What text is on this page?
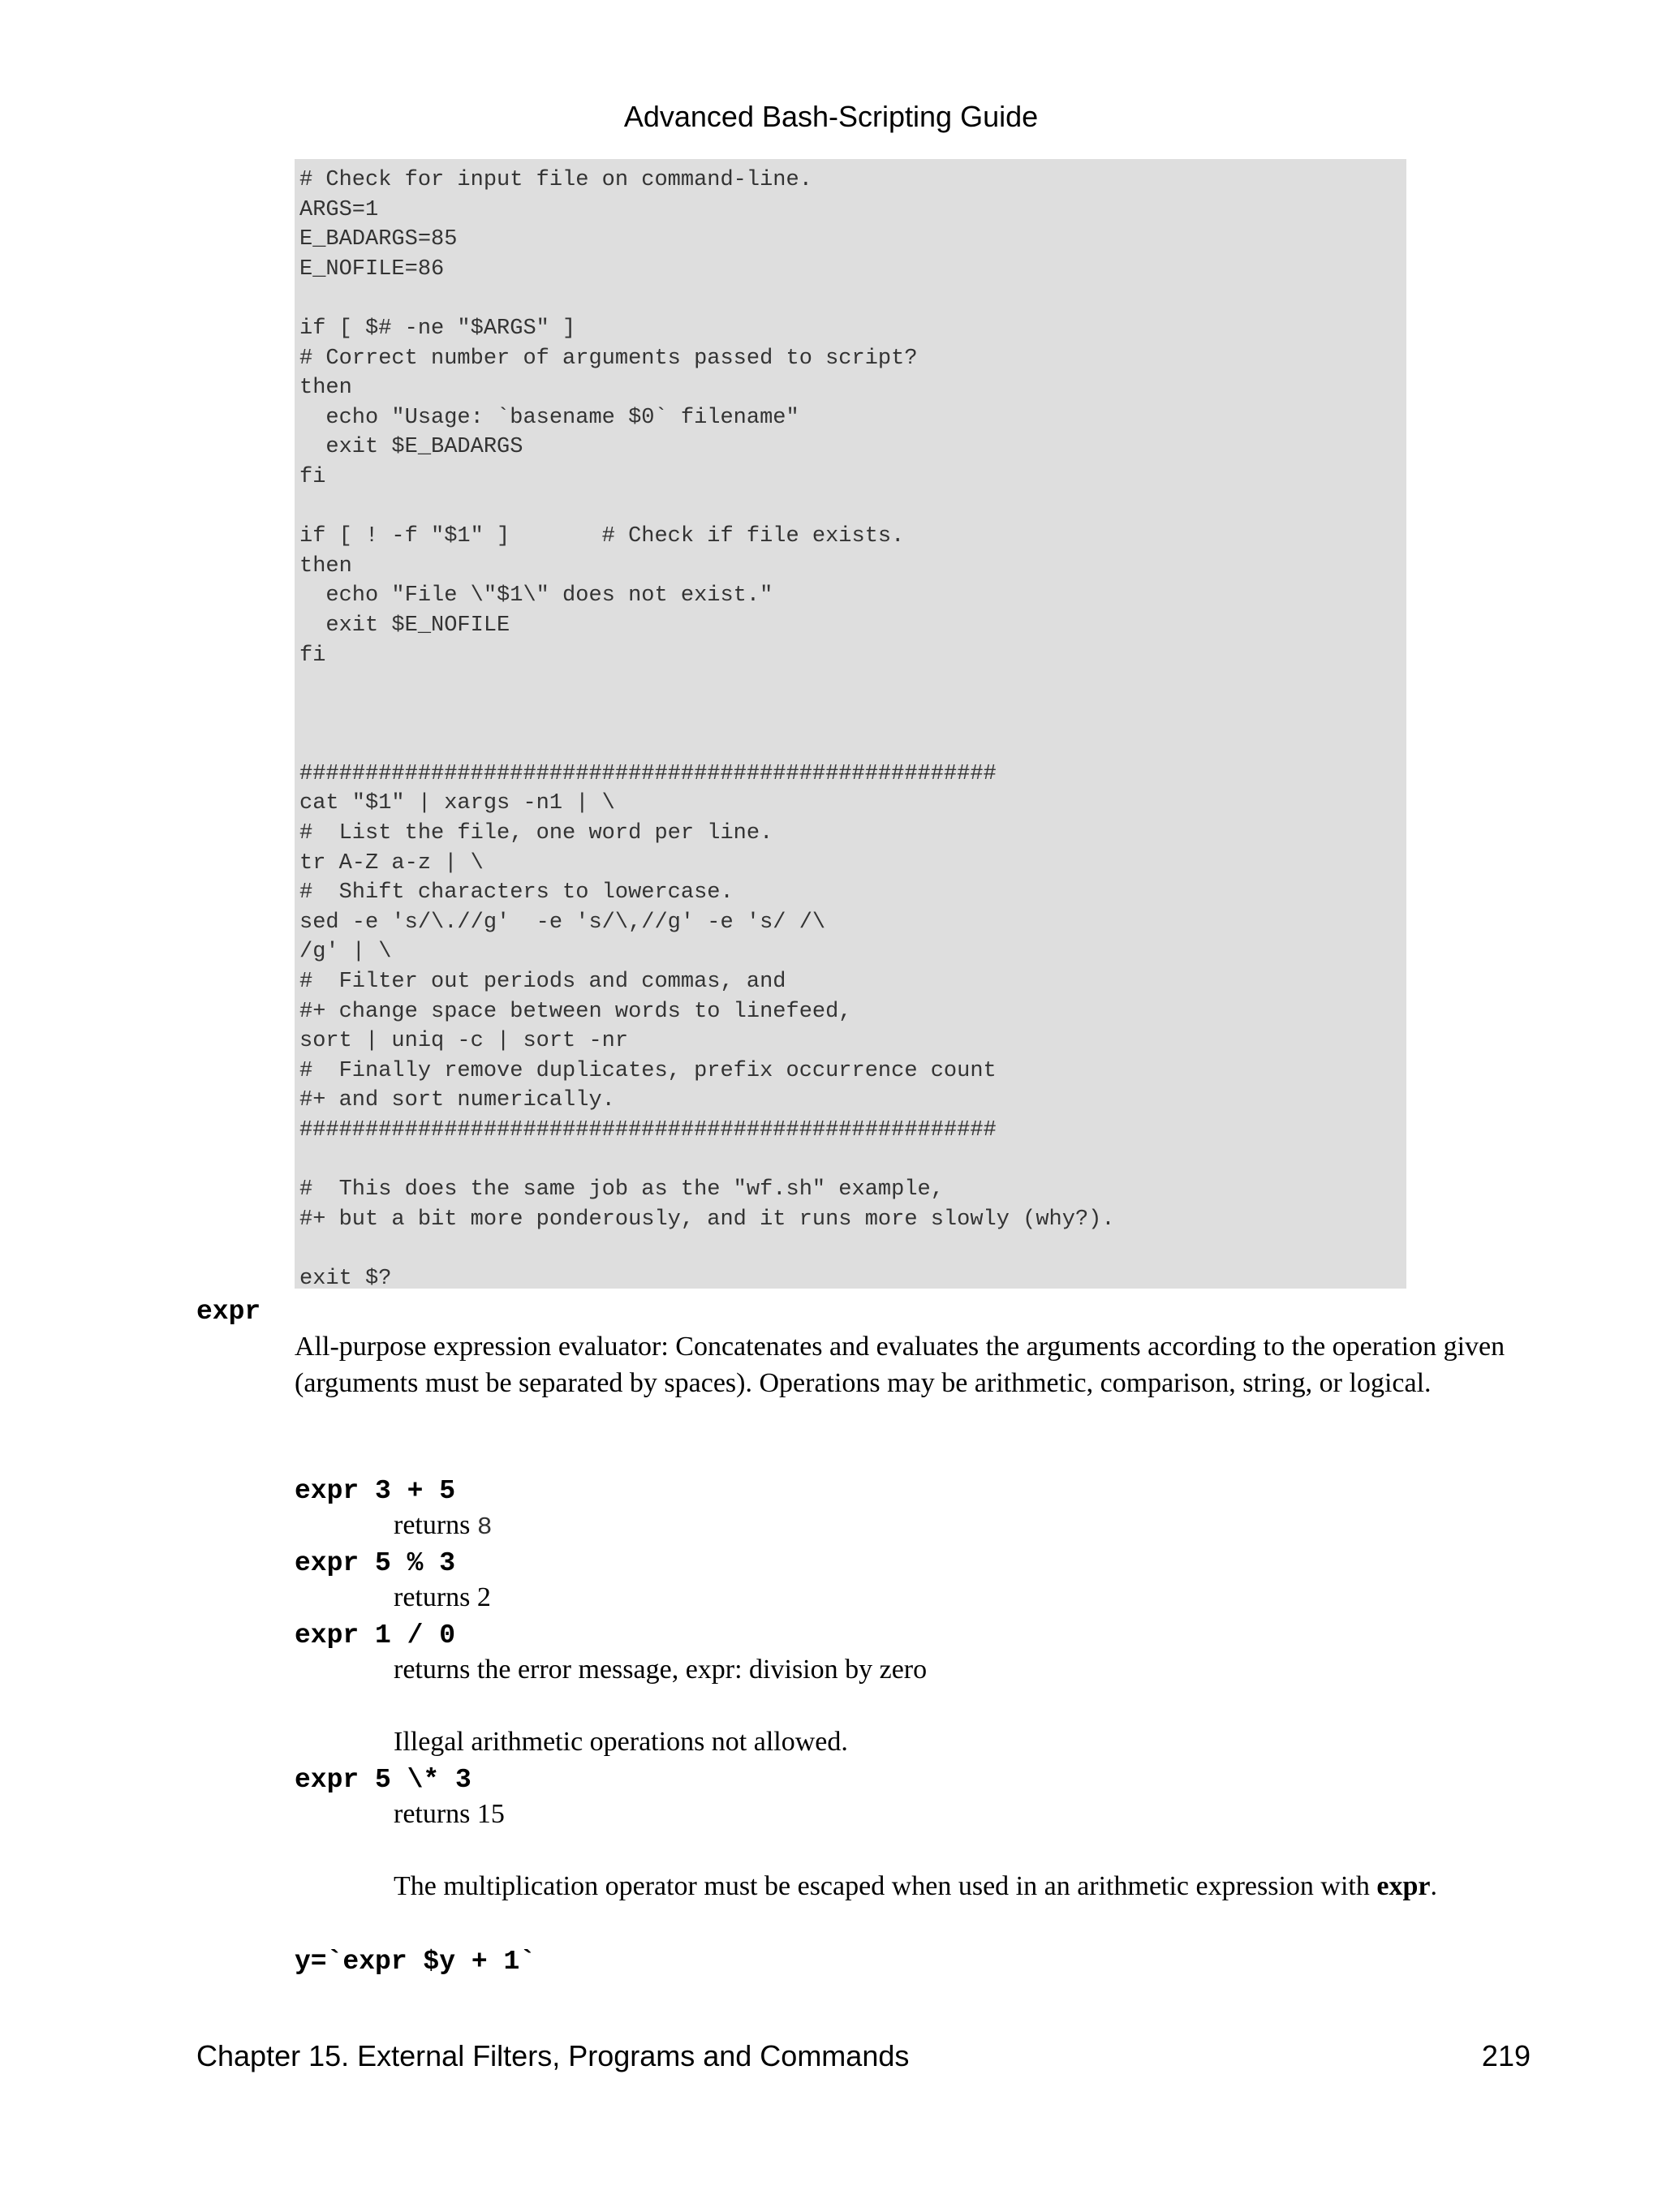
Advanced Bash-Scripting Guide
# Check for input file on command-line.
ARGS=1
E_BADARGS=85
E_NOFILE=86

if [ $# -ne "$ARGS" ]
# Correct number of arguments passed to script?
then
echo "Usage: `basename $0` filename"
exit $E_BADARGS
fi

if [ ! -f "$1" ]       # Check if file exists.
then
echo "File \"$1\" does not exist."
exit $E_NOFILE
fi

#####################################################
cat "$1" | xargs -n1 | \
#  List the file, one word per line.
tr A-Z a-z | \
#  Shift characters to lowercase.
sed -e 's/\.//g'  -e 's/\,//g' -e 's/ /\
/g' | \
#  Filter out periods and commas, and
#+ change space between words to linefeed,
sort | uniq -c | sort -nr
#  Finally remove duplicates, prefix occurrence count
#+ and sort numerically.
#####################################################

#  This does the same job as the "wf.sh" example,
#+ but a bit more ponderously, and it runs more slowly (why?).

exit $?
expr
All-purpose expression evaluator: Concatenates and evaluates the arguments according to the operation given (arguments must be separated by spaces). Operations may be arithmetic, comparison, string, or logical.
expr 3 + 5
returns 8
expr 5 % 3
returns 2
expr 1 / 0
returns the error message, expr: division by zero
Illegal arithmetic operations not allowed.
expr 5 \* 3
returns 15
The multiplication operator must be escaped when used in an arithmetic expression with expr.
y=`expr $y + 1`
Chapter 15. External Filters, Programs and Commands	219
